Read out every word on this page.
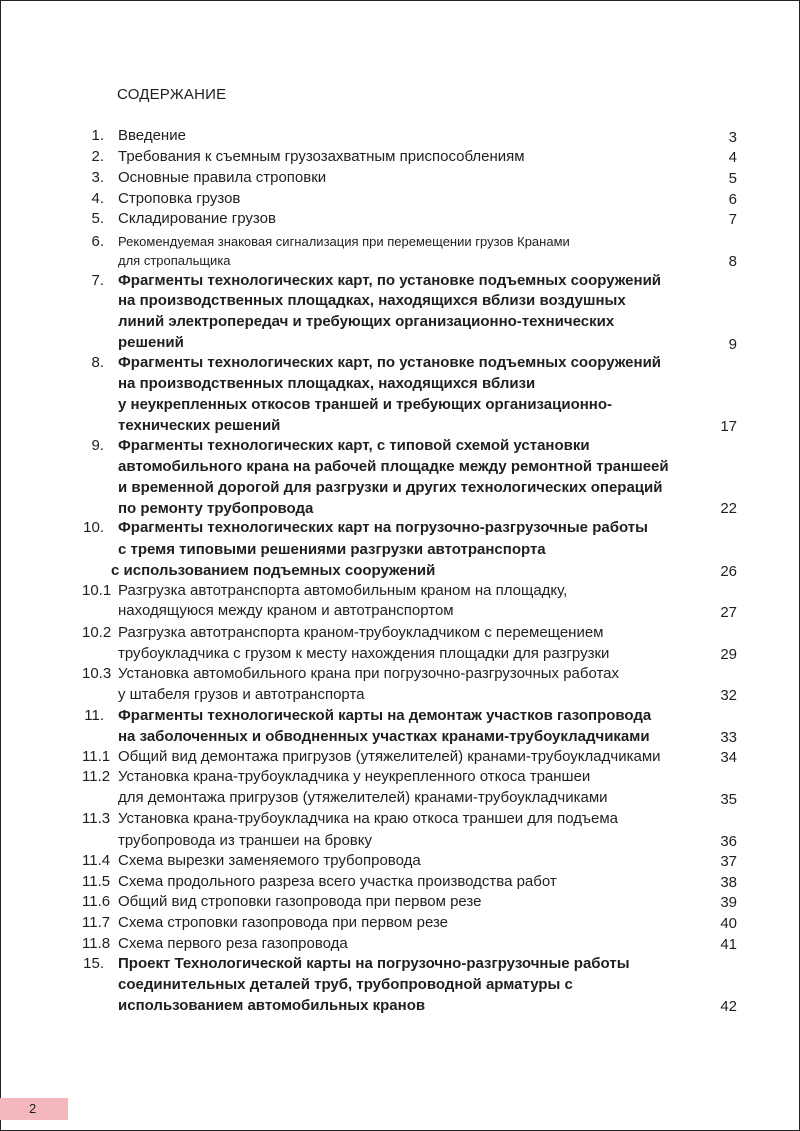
СОДЕРЖАНИЕ
1. Введение	3
2. Требования к съемным грузозахватным приспособлениям	4
3. Основные правила строповки	5
4. Строповка грузов	6
5. Складирование грузов	7
6. Рекомендуемая знаковая сигнализация при перемещении грузов Кранами
для стропальщика	8
7. Фрагменты технологических карт, по установке подъемных сооружений
на производственных площадках, находящихся вблизи воздушных
линий электропередач и требующих организационно-технических
решений	9
8. Фрагменты технологических карт, по установке подъемных сооружений
на производственных площадках, находящихся вблизи
у неукрепленных откосов траншей и требующих организационно-
технических решений	17
9. Фрагменты технологических карт, с типовой схемой установки
автомобильного крана на рабочей площадке между ремонтной траншеей
и временной дорогой для разгрузки и других технологических операций
по ремонту трубопровода	22
10. Фрагменты технологических карт на погрузочно-разгрузочные работы
с тремя типовыми решениями разгрузки автотранспорта
с использованием подъемных сооружений	26
10.1 Разгрузка автотранспорта автомобильным краном на площадку,
находящуюся между краном и автотранспортом	27
10.2 Разгрузка автотранспорта краном-трубоукладчиком с перемещением
трубоукладчика с грузом к месту нахождения площадки для разгрузки	29
10.3 Установка автомобильного крана при погрузочно-разгрузочных работах
у штабеля грузов и автотранспорта	32
11. Фрагменты технологической карты на демонтаж участков газопровода
на заболоченных и обводненных участках кранами-трубоукладчиками	33
11.1 Общий вид демонтажа пригрузов (утяжелителей) кранами-трубоукладчиками	34
11.2 Установка крана-трубоукладчика у неукрепленного откоса траншеи
для демонтажа пригрузов (утяжелителей) кранами-трубоукладчиками	35
11.3 Установка крана-трубоукладчика на краю откоса траншеи для подъема
трубопровода из траншеи на бровку	36
11.4 Схема вырезки заменяемого трубопровода	37
11.5 Схема продольного разреза всего участка производства работ	38
11.6 Общий вид строповки газопровода при первом резе	39
11.7 Схема строповки газопровода при первом резе	40
11.8 Схема первого реза газопровода	41
15. Проект Технологической карты на погрузочно-разгрузочные работы
соединительных деталей труб, трубопроводной арматуры с
использованием автомобильных кранов	42
2
